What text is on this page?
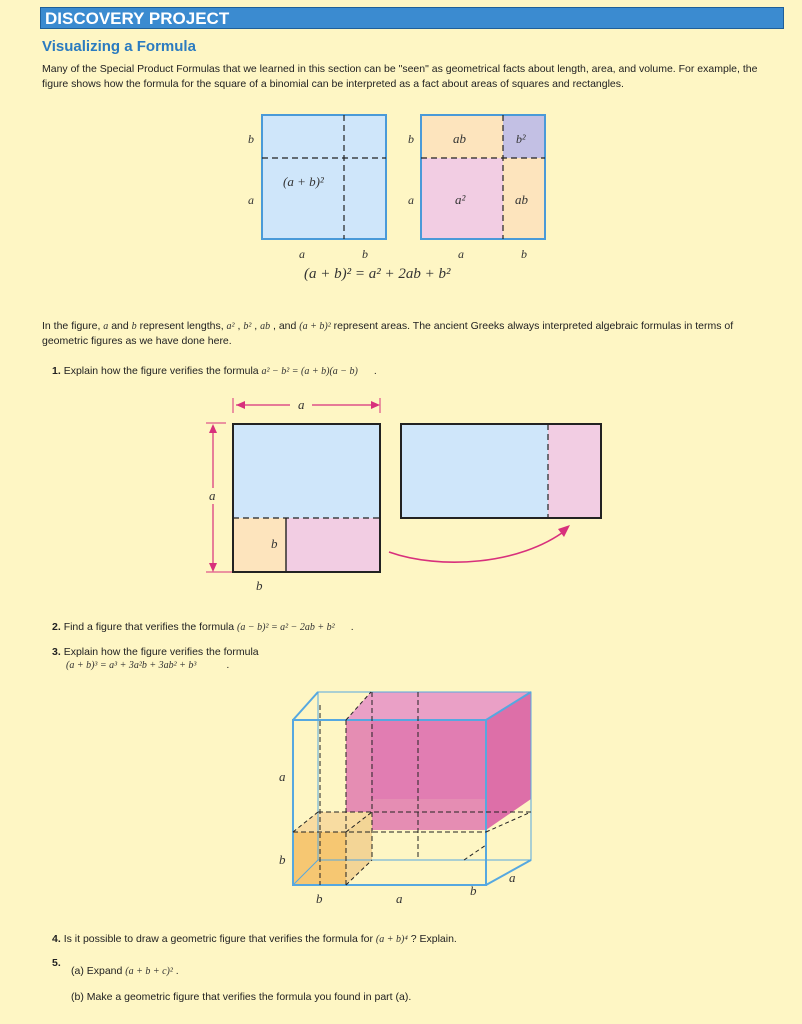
DISCOVERY PROJECT
Visualizing a Formula
Many of the Special Product Formulas that we learned in this section can be "seen" as geometrical facts about length, area, and volume. For example, the figure shows how the formula for the square of a binomial can be interpreted as a fact about areas of squares and rectangles.
(a + b)²
b
a
a	b
ab	b²
a²	ab
b
a
a	b
(a + b)² = a² + 2ab + b²
In the figure, a and b represent lengths, a² , b² , ab , and (a + b)² represent areas. The ancient Greeks always interpreted algebraic formulas in terms of geometric figures as we have done here.
1. Explain how the figure verifies the formula a² − b² = (a + b)(a − b) .
a
a
b
b
2. Find a figure that verifies the formula (a − b)² = a² − 2ab + b² .
3. Explain how the figure verifies the formula
(a + b)³ = a³ + 3a²b + 3ab² + b³	.
a
b
b	a
b
a
4. Is it possible to draw a geometric figure that verifies the formula for (a + b)⁴ ? Explain.
5.
(a) Expand (a + b + c)² .
(b) Make a geometric figure that verifies the formula you found in part (a).
